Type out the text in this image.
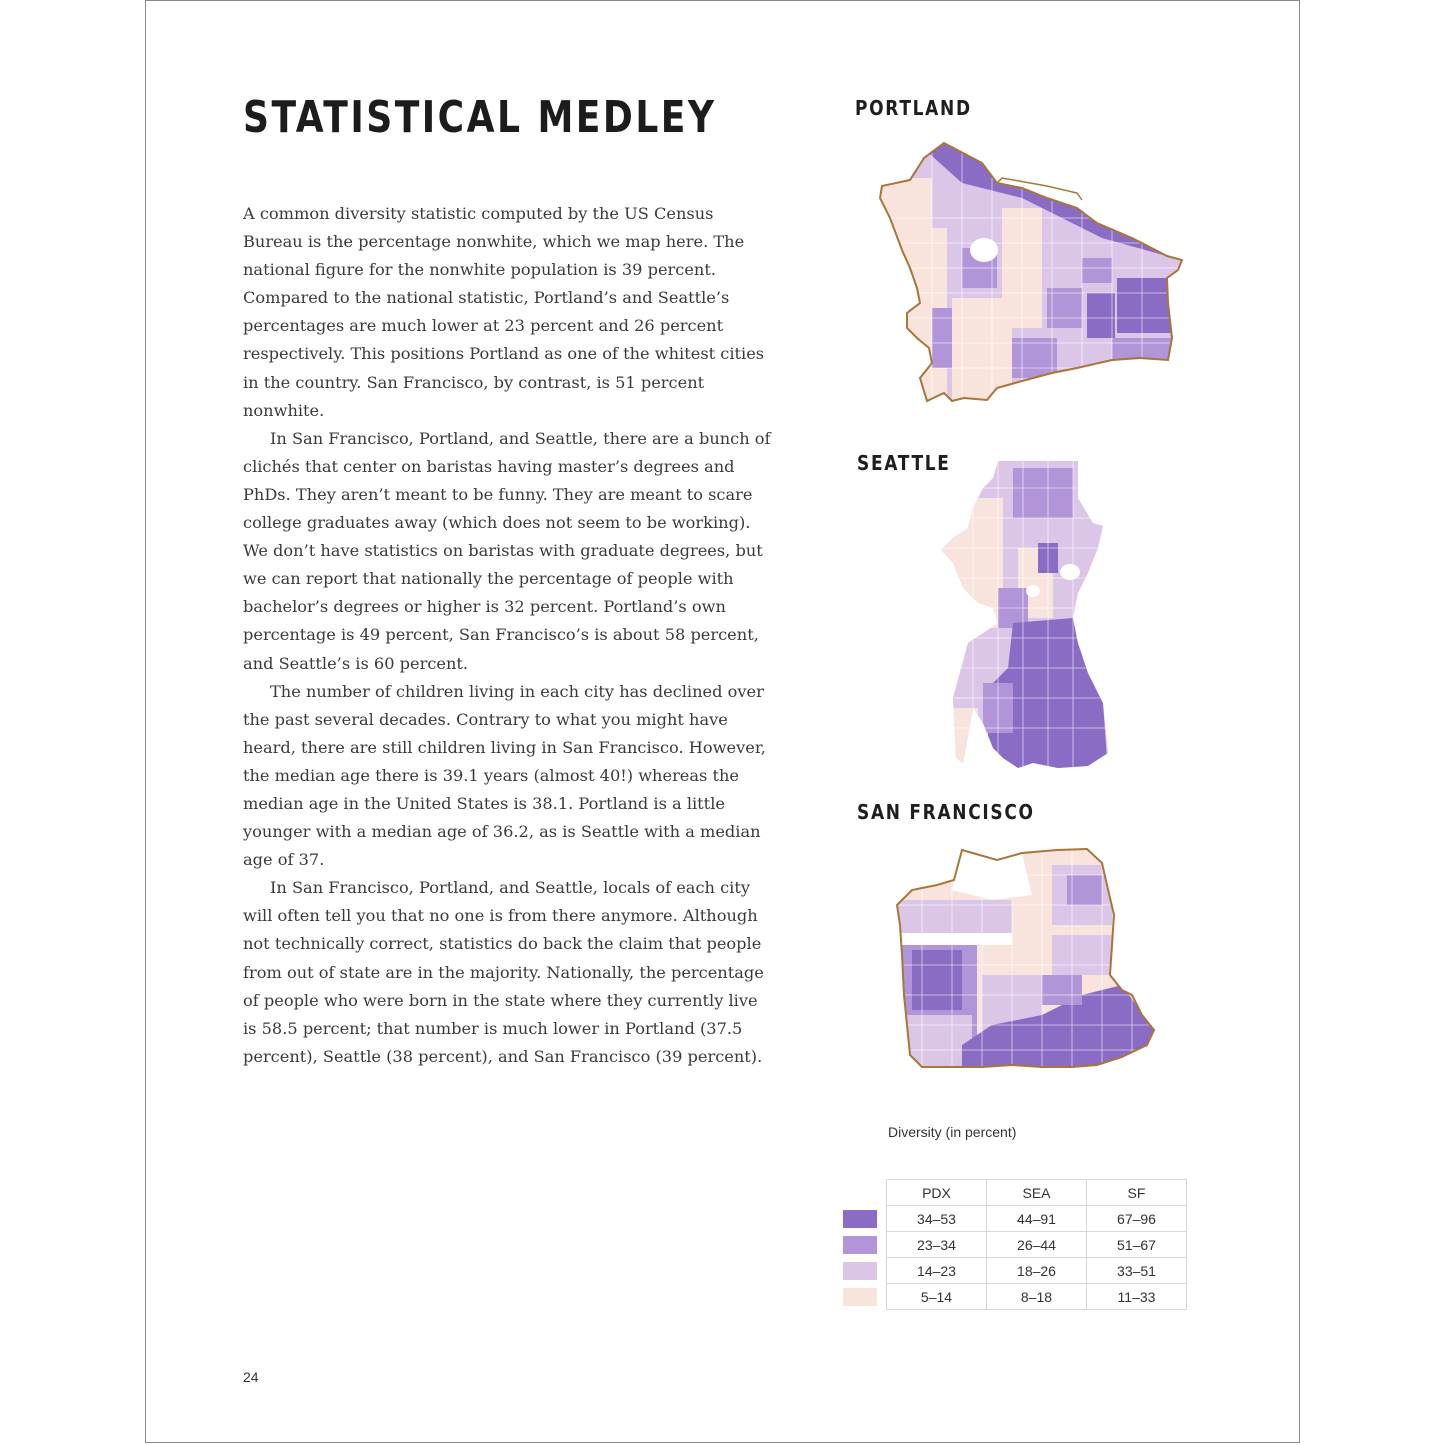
STATISTICAL MEDLEY

A common diversity statistic computed by the US Census Bureau is the percentage nonwhite, which we map here. The national figure for the nonwhite population is 39 percent. Compared to the national statistic, Portland’s and Seattle’s percentages are much lower at 23 percent and 26 percent respectively. This positions Portland as one of the whitest cities in the country. San Francisco, by contrast, is 51 percent nonwhite.

In San Francisco, Portland, and Seattle, there are a bunch of clichés that center on baristas having master’s degrees and PhDs. They aren’t meant to be funny. They are meant to scare college graduates away (which does not seem to be working). We don’t have statistics on baristas with graduate degrees, but we can report that nationally the percentage of people with bachelor’s degrees or higher is 32 percent. Portland’s own percentage is 49 percent, San Francisco’s is about 58 percent, and Seattle’s is 60 percent.

The number of children living in each city has declined over the past several decades. Contrary to what you might have heard, there are still children living in San Francisco. However, the median age there is 39.1 years (almost 40!) whereas the median age in the United States is 38.1. Portland is a little younger with a median age of 36.2, as is Seattle with a median age of 37.

In San Francisco, Portland, and Seattle, locals of each city will often tell you that no one is from there anymore. Although not technically correct, statistics do back the claim that people from out of state are in the majority. Nationally, the percentage of people who were born in the state where they currently live is 58.5 percent; that number is much lower in Portland (37.5 percent), Seattle (38 percent), and San Francisco (39 percent).

PORTLAND
SEATTLE
SAN FRANCISCO
Diversity (in percent)
PDX	SEA	SF
34–53	44–91	67–96
23–34	26–44	51–67
14–23	18–26	33–51
5–14	8–18	11–33
24
